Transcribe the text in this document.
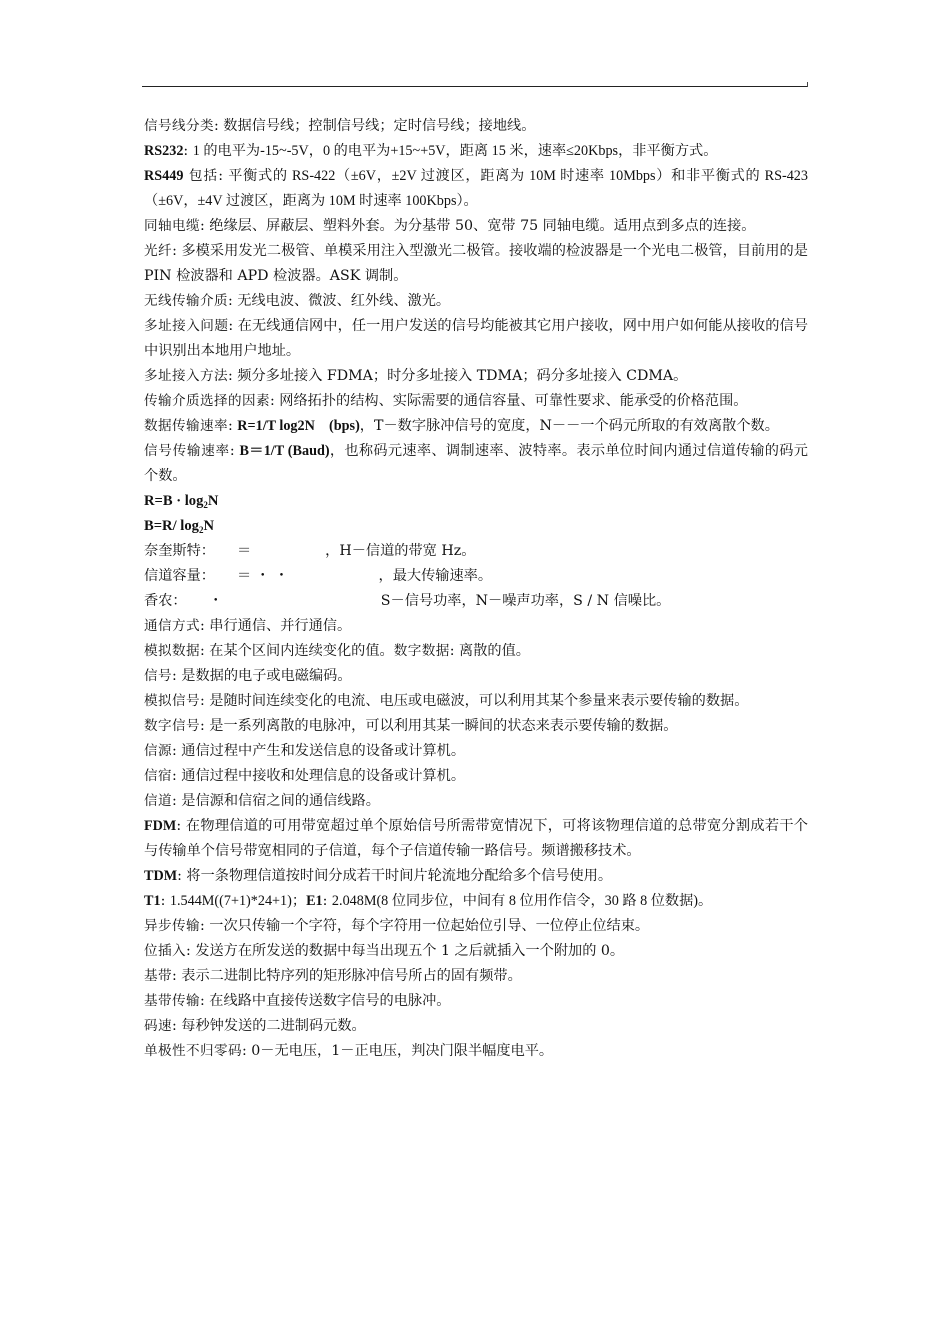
信号线分类: 数据信号线；控制信号线；定时信号线；接地线。

RS232: 1 的电平为-15~-5V，0 的电平为+15~+5V，距离 15 米，速率≤20Kbps，非平衡方式。

RS449 包括: 平衡式的 RS-422（±6V，±2V 过渡区，距离为 10M 时速率 10Mbps）和非平衡式的 RS-423（±6V，±4V 过渡区，距离为 10M 时速率 100Kbps）。

同轴电缆: 绝缘层、屏蔽层、塑料外套。为分基带 50、宽带 75 同轴电缆。适用点到多点的连接。

光纤: 多模采用发光二极管、单模采用注入型激光二极管。接收端的检波器是一个光电二极管，目前用的是 PIN 检波器和 APD 检波器。ASK 调制。

无线传输介质: 无线电波、微波、红外线、激光。

多址接入问题: 在无线通信网中，任一用户发送的信号均能被其它用户接收，网中用户如何能从接收的信号中识别出本地用户地址。

多址接入方法: 频分多址接入 FDMA；时分多址接入 TDMA；码分多址接入 CDMA。

传输介质选择的因素: 网络拓扑的结构、实际需要的通信容量、可靠性要求、能承受的价格范围。

数据传输速率: R=1/T log2N　(bps)，T－数字脉冲信号的宽度，N－－一个码元所取的有效离散个数。

信号传输速率: B＝1/T (Baud)，也称码元速率、调制速率、波特率。表示单位时间内通过信道传输的码元个数。

$R=B \cdot \log_2N$

B=R/ $\log_2N$

奈奎斯特： ＝	，H－信道的带宽 Hz。

信道容量： ＝ ・ ・	，最大传输速率。

香农： ・	S－信号功率，N－噪声功率，S / N 信噪比。

通信方式: 串行通信、并行通信。

模拟数据: 在某个区间内连续变化的值。数字数据: 离散的值。

信号: 是数据的电子或电磁编码。

模拟信号: 是随时间连续变化的电流、电压或电磁波，可以利用其某个参量来表示要传输的数据。

数字信号: 是一系列离散的电脉冲，可以利用其某一瞬间的状态来表示要传输的数据。

信源: 通信过程中产生和发送信息的设备或计算机。

信宿: 通信过程中接收和处理信息的设备或计算机。

信道: 是信源和信宿之间的通信线路。

FDM: 在物理信道的可用带宽超过单个原始信号所需带宽情况下，可将该物理信道的总带宽分割成若干个与传输单个信号带宽相同的子信道，每个子信道传输一路信号。频谱搬移技术。

TDM: 将一条物理信道按时间分成若干时间片轮流地分配给多个信号使用。

T1: 1.544M((7+1)*24+1)；E1: 2.048M(8 位同步位，中间有 8 位用作信令，30 路 8 位数据)。

异步传输: 一次只传输一个字符，每个字符用一位起始位引导、一位停止位结束。

位插入: 发送方在所发送的数据中每当出现五个 1 之后就插入一个附加的 0。

基带: 表示二进制比特序列的矩形脉冲信号所占的固有频带。

基带传输: 在线路中直接传送数字信号的电脉冲。

码速: 每秒钟发送的二进制码元数。

单极性不归零码: 0－无电压，1－正电压，判决门限半幅度电平。
